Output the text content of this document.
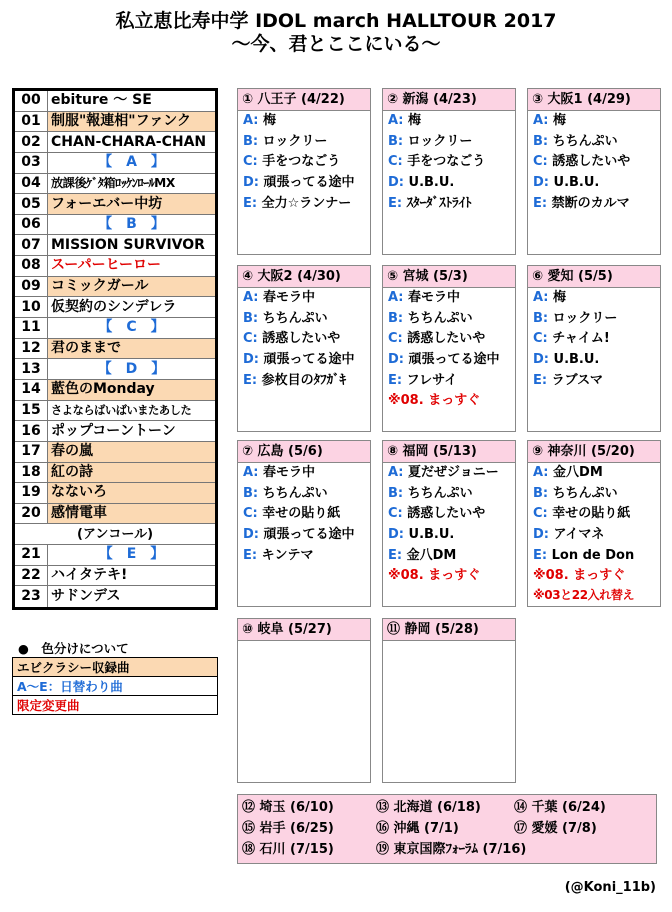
私立恵比寿中学 IDOL march HALLTOUR 2017
〜今、君とここにいる〜
00 ebiture ～ SE
01 制服"報連相"ファンク
02 CHAN-CHARA-CHAN
03	【　A　】
04 放課後ｹﾞﾀ箱ﾛｯｹﾝﾛｰﾙMX
05 フォーエバー中坊
06	【　B　】
07 MISSION SURVIVOR
08 スーパーヒーロー
09 コミックガール
10 仮契約のシンデレラ
11	【　C　】
12 君のままで
13	【　D　】
14 藍色のMonday
15 さよならばいばいまたあした
16 ポップコーントーン
17 春の嵐
18 紅の詩
19 なないろ
20 感情電車
(アンコール)
21	【　E　】
22 ハイタテキ!
23 サドンデス
●　色分けについて
エビクラシー収録曲
A～E：日替わり曲
限定変更曲
① 八王子 (4/22)
A: 梅
B: ロックリー
C: 手をつなごう
D: 頑張ってる途中
E: 全力☆ランナー
② 新潟 (4/23)
A: 梅
B: ロックリー
C: 手をつなごう
D: U.B.U.
E: ｽﾀｰﾀﾞｽﾄﾗｲﾄ
③ 大阪1 (4/29)
A: 梅
B: ちちんぷい
C: 誘惑したいや
D: U.B.U.
E: 禁断のカルマ
④ 大阪2 (4/30)
A: 春モラ中
B: ちちんぷい
C: 誘惑したいや
D: 頑張ってる途中
E: 参枚目のﾀﾌｶﾞｷ
⑤ 宮城 (5/3)
A: 春モラ中
B: ちちんぷい
C: 誘惑したいや
D: 頑張ってる途中
E: フレサイ
※08. まっすぐ
⑥ 愛知 (5/5)
A: 梅
B: ロックリー
C: チャイム!
D: U.B.U.
E: ラブスマ
⑦ 広島 (5/6)
A: 春モラ中
B: ちちんぷい
C: 幸せの貼り紙
D: 頑張ってる途中
E: キンテマ
⑧ 福岡 (5/13)
A: 夏だぜジョニー
B: ちちんぷい
C: 誘惑したいや
D: U.B.U.
E: 金八DM
※08. まっすぐ
⑨ 神奈川 (5/20)
A: 金八DM
B: ちちんぷい
C: 幸せの貼り紙
D: アイマネ
E: Lon de Don
※08. まっすぐ
※03と22入れ替え
⑩ 岐阜 (5/27)	⑪ 静岡 (5/28)
⑫ 埼玉 (6/10)	⑬ 北海道 (6/18)	⑭ 千葉 (6/24)
⑮ 岩手 (6/25)	⑯ 沖縄 (7/1)	⑰ 愛媛 (7/8)
⑱ 石川 (7/15)	⑲ 東京国際ﾌｫｰﾗﾑ (7/16)
(@Koni_11b)
